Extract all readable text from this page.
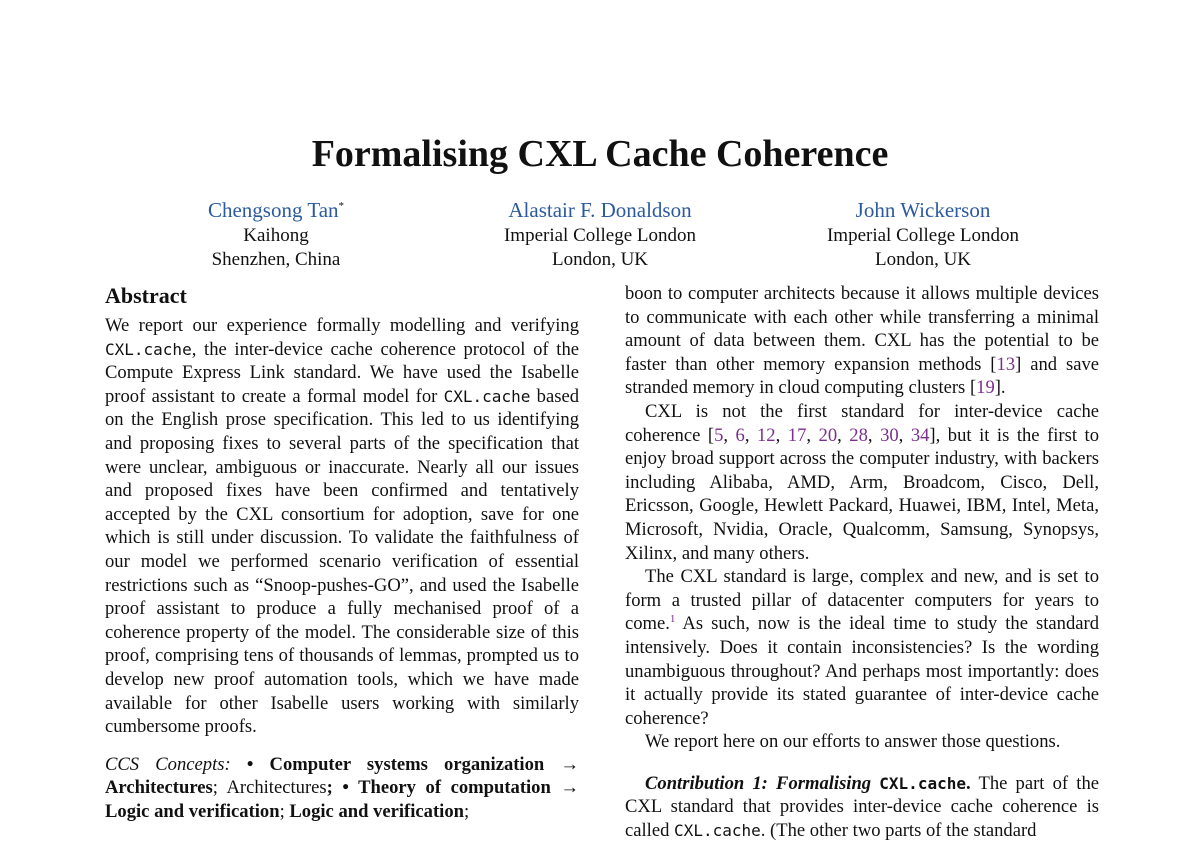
Formalising CXL Cache Coherence
Chengsong Tan*
Kaihong
Shenzhen, China
Alastair F. Donaldson
Imperial College London
London, UK
John Wickerson
Imperial College London
London, UK
Abstract

We report our experience formally modelling and verifying CXL.cache, the inter-device cache coherence protocol of the Compute Express Link standard. We have used the Isabelle proof assistant to create a formal model for CXL.cache based on the English prose specification. This led to us identifying and proposing fixes to several parts of the specification that were unclear, ambiguous or inaccurate. Nearly all our issues and proposed fixes have been confirmed and tentatively accepted by the CXL consortium for adoption, save for one which is still under discussion. To validate the faithfulness of our model we performed scenario verification of essential restrictions such as “Snoop-pushes-GO”, and used the Isabelle proof assistant to produce a fully mechanised proof of a coherence property of the model. The considerable size of this proof, comprising tens of thousands of lemmas, prompted us to develop new proof automation tools, which we have made available for other Isabelle users working with similarly cumbersome proofs.

CCS Concepts: • Computer systems organization → Architectures; Architectures; • Theory of computation → Logic and verification; Logic and verification;

boon to computer architects because it allows multiple devices to communicate with each other while transferring a minimal amount of data between them. CXL has the potential to be faster than other memory expansion methods [13] and save stranded memory in cloud computing clusters [19].

CXL is not the first standard for inter-device cache coherence [5, 6, 12, 17, 20, 28, 30, 34], but it is the first to enjoy broad support across the computer industry, with backers including Alibaba, AMD, Arm, Broadcom, Cisco, Dell, Ericsson, Google, Hewlett Packard, Huawei, IBM, Intel, Meta, Microsoft, Nvidia, Oracle, Qualcomm, Samsung, Synopsys, Xilinx, and many others.

The CXL standard is large, complex and new, and is set to form a trusted pillar of datacenter computers for years to come.$^1$ As such, now is the ideal time to study the standard intensively. Does it contain inconsistencies? Is the wording unambiguous throughout? And perhaps most importantly: does it actually provide its stated guarantee of inter-device cache coherence?

We report here on our efforts to answer those questions.

Contribution 1: Formalising CXL.cache. The part of the CXL standard that provides inter-device cache coherence is called CXL.cache. (The other two parts of the standard
